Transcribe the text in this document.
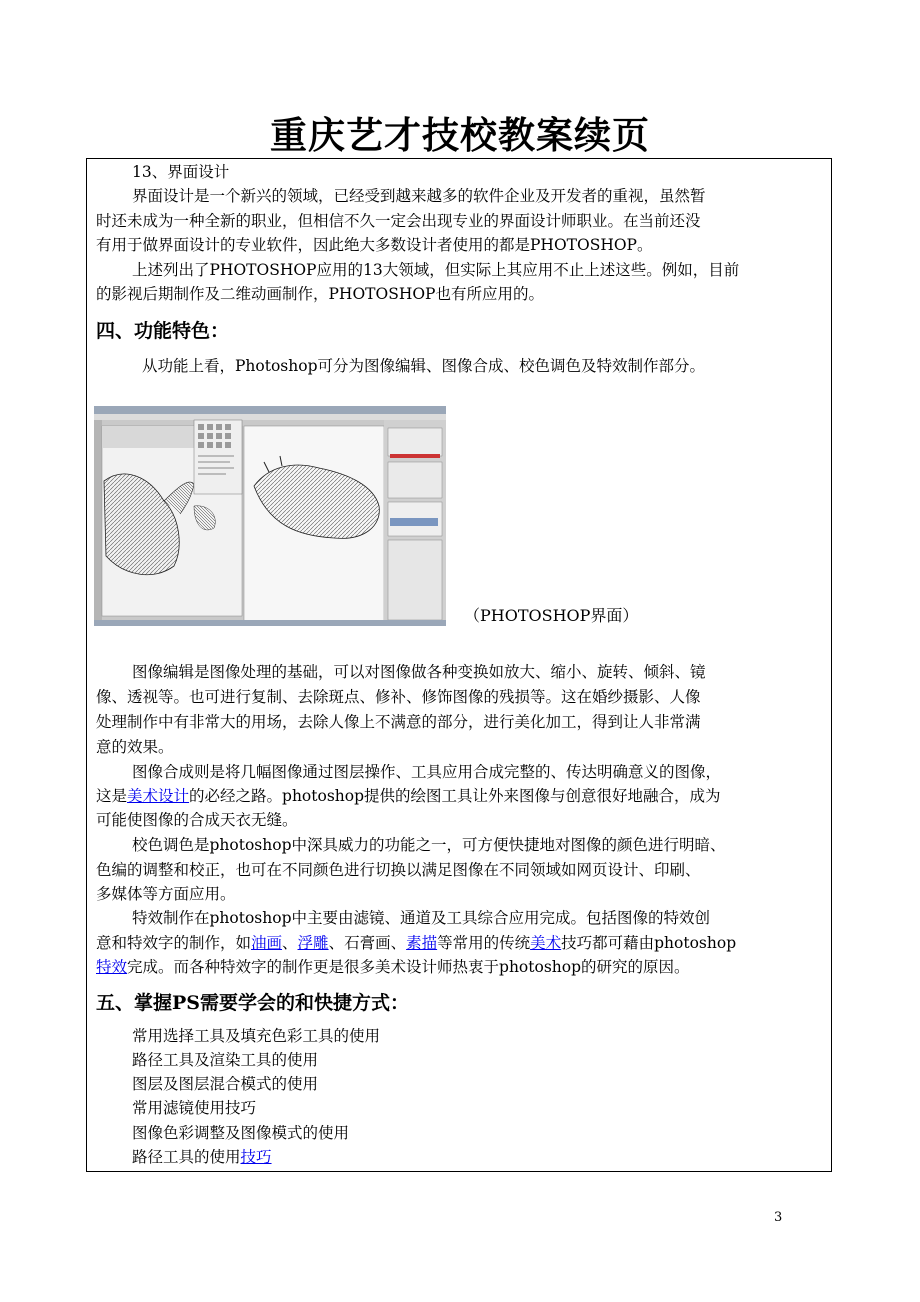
重庆艺才技校教案续页
13、界面设计
界面设计是一个新兴的领域，已经受到越来越多的软件企业及开发者的重视，虽然暂
时还未成为一种全新的职业，但相信不久一定会出现专业的界面设计师职业。在当前还没
有用于做界面设计的专业软件，因此绝大多数设计者使用的都是PHOTOSHOP。
上述列出了PHOTOSHOP应用的13大领域，但实际上其应用不止上述这些。例如，目前
的影视后期制作及二维动画制作，PHOTOSHOP也有所应用的。
四、功能特色：
从功能上看，Photoshop可分为图像编辑、图像合成、校色调色及特效制作部分。
（PHOTOSHOP界面）
图像编辑是图像处理的基础，可以对图像做各种变换如放大、缩小、旋转、倾斜、镜
像、透视等。也可进行复制、去除斑点、修补、修饰图像的残损等。这在婚纱摄影、人像
处理制作中有非常大的用场，去除人像上不满意的部分，进行美化加工，得到让人非常满
意的效果。
图像合成则是将几幅图像通过图层操作、工具应用合成完整的、传达明确意义的图像，
这是美术设计的必经之路。photoshop提供的绘图工具让外来图像与创意很好地融合，成为
可能使图像的合成天衣无缝。
校色调色是photoshop中深具威力的功能之一，可方便快捷地对图像的颜色进行明暗、
色编的调整和校正，也可在不同颜色进行切换以满足图像在不同领域如网页设计、印刷、
多媒体等方面应用。
特效制作在photoshop中主要由滤镜、通道及工具综合应用完成。包括图像的特效创
意和特效字的制作，如油画、浮雕、石膏画、素描等常用的传统美术技巧都可藉由photoshop
特效完成。而各种特效字的制作更是很多美术设计师热衷于photoshop的研究的原因。
五、掌握PS需要学会的和快捷方式：
常用选择工具及填充色彩工具的使用
路径工具及渲染工具的使用
图层及图层混合模式的使用
常用滤镜使用技巧
图像色彩调整及图像模式的使用
路径工具的使用技巧
3
